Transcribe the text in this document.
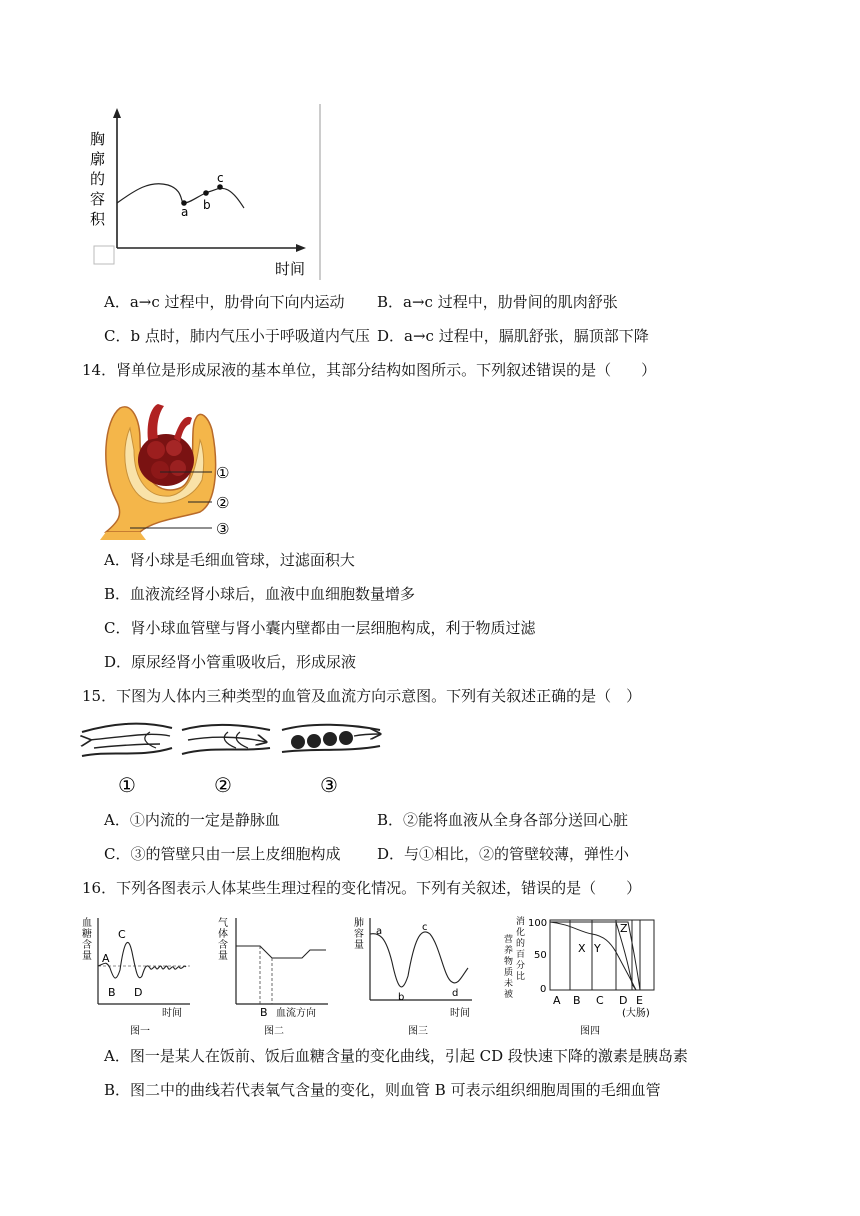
a b
c
胸
廓
的
容
积
时间
A．a→c 过程中，肋骨向下向内运动 B．a→c 过程中，肋骨间的肌肉舒张
C．b 点时，肺内气压小于呼吸道内气压 D．a→c 过程中，膈肌舒张，膈顶部下降
14．肾单位是形成尿液的基本单位，其部分结构如图所示。下列叙述错误的是（　　）
①
②
③
A．肾小球是毛细血管球，过滤面积大
B．血液流经肾小球后，血液中血细胞数量增多
C．肾小球血管壁与肾小囊内壁都由一层细胞构成，利于物质过滤
D．原尿经肾小管重吸收后，形成尿液
15．下图为人体内三种类型的血管及血流方向示意图。下列有关叙述正确的是（　）
①	②	③
A．①内流的一定是静脉血	B．②能将血液从全身各部分送回心脏
C．③的管壁只由一层上皮细胞构成 D．与①相比，②的管壁较薄，弹性小
16．下列各图表示人体某些生理过程的变化情况。下列有关叙述，错误的是（　　）
血
糖
含
量 A
B
C
D
时间
图一
气
体
含
量
B 血流方向
图二
肺
容
量
a
b
c
d
时间
图三
X Y
Z
100
50
0
消
化
的
百
分
比
营
养
物
质
未
被	A B C D E
(大肠)
图四
A．图一是某人在饭前、饭后血糖含量的变化曲线，引起 CD 段快速下降的激素是胰岛素
B．图二中的曲线若代表氧气含量的变化，则血管 B 可表示组织细胞周围的毛细血管
